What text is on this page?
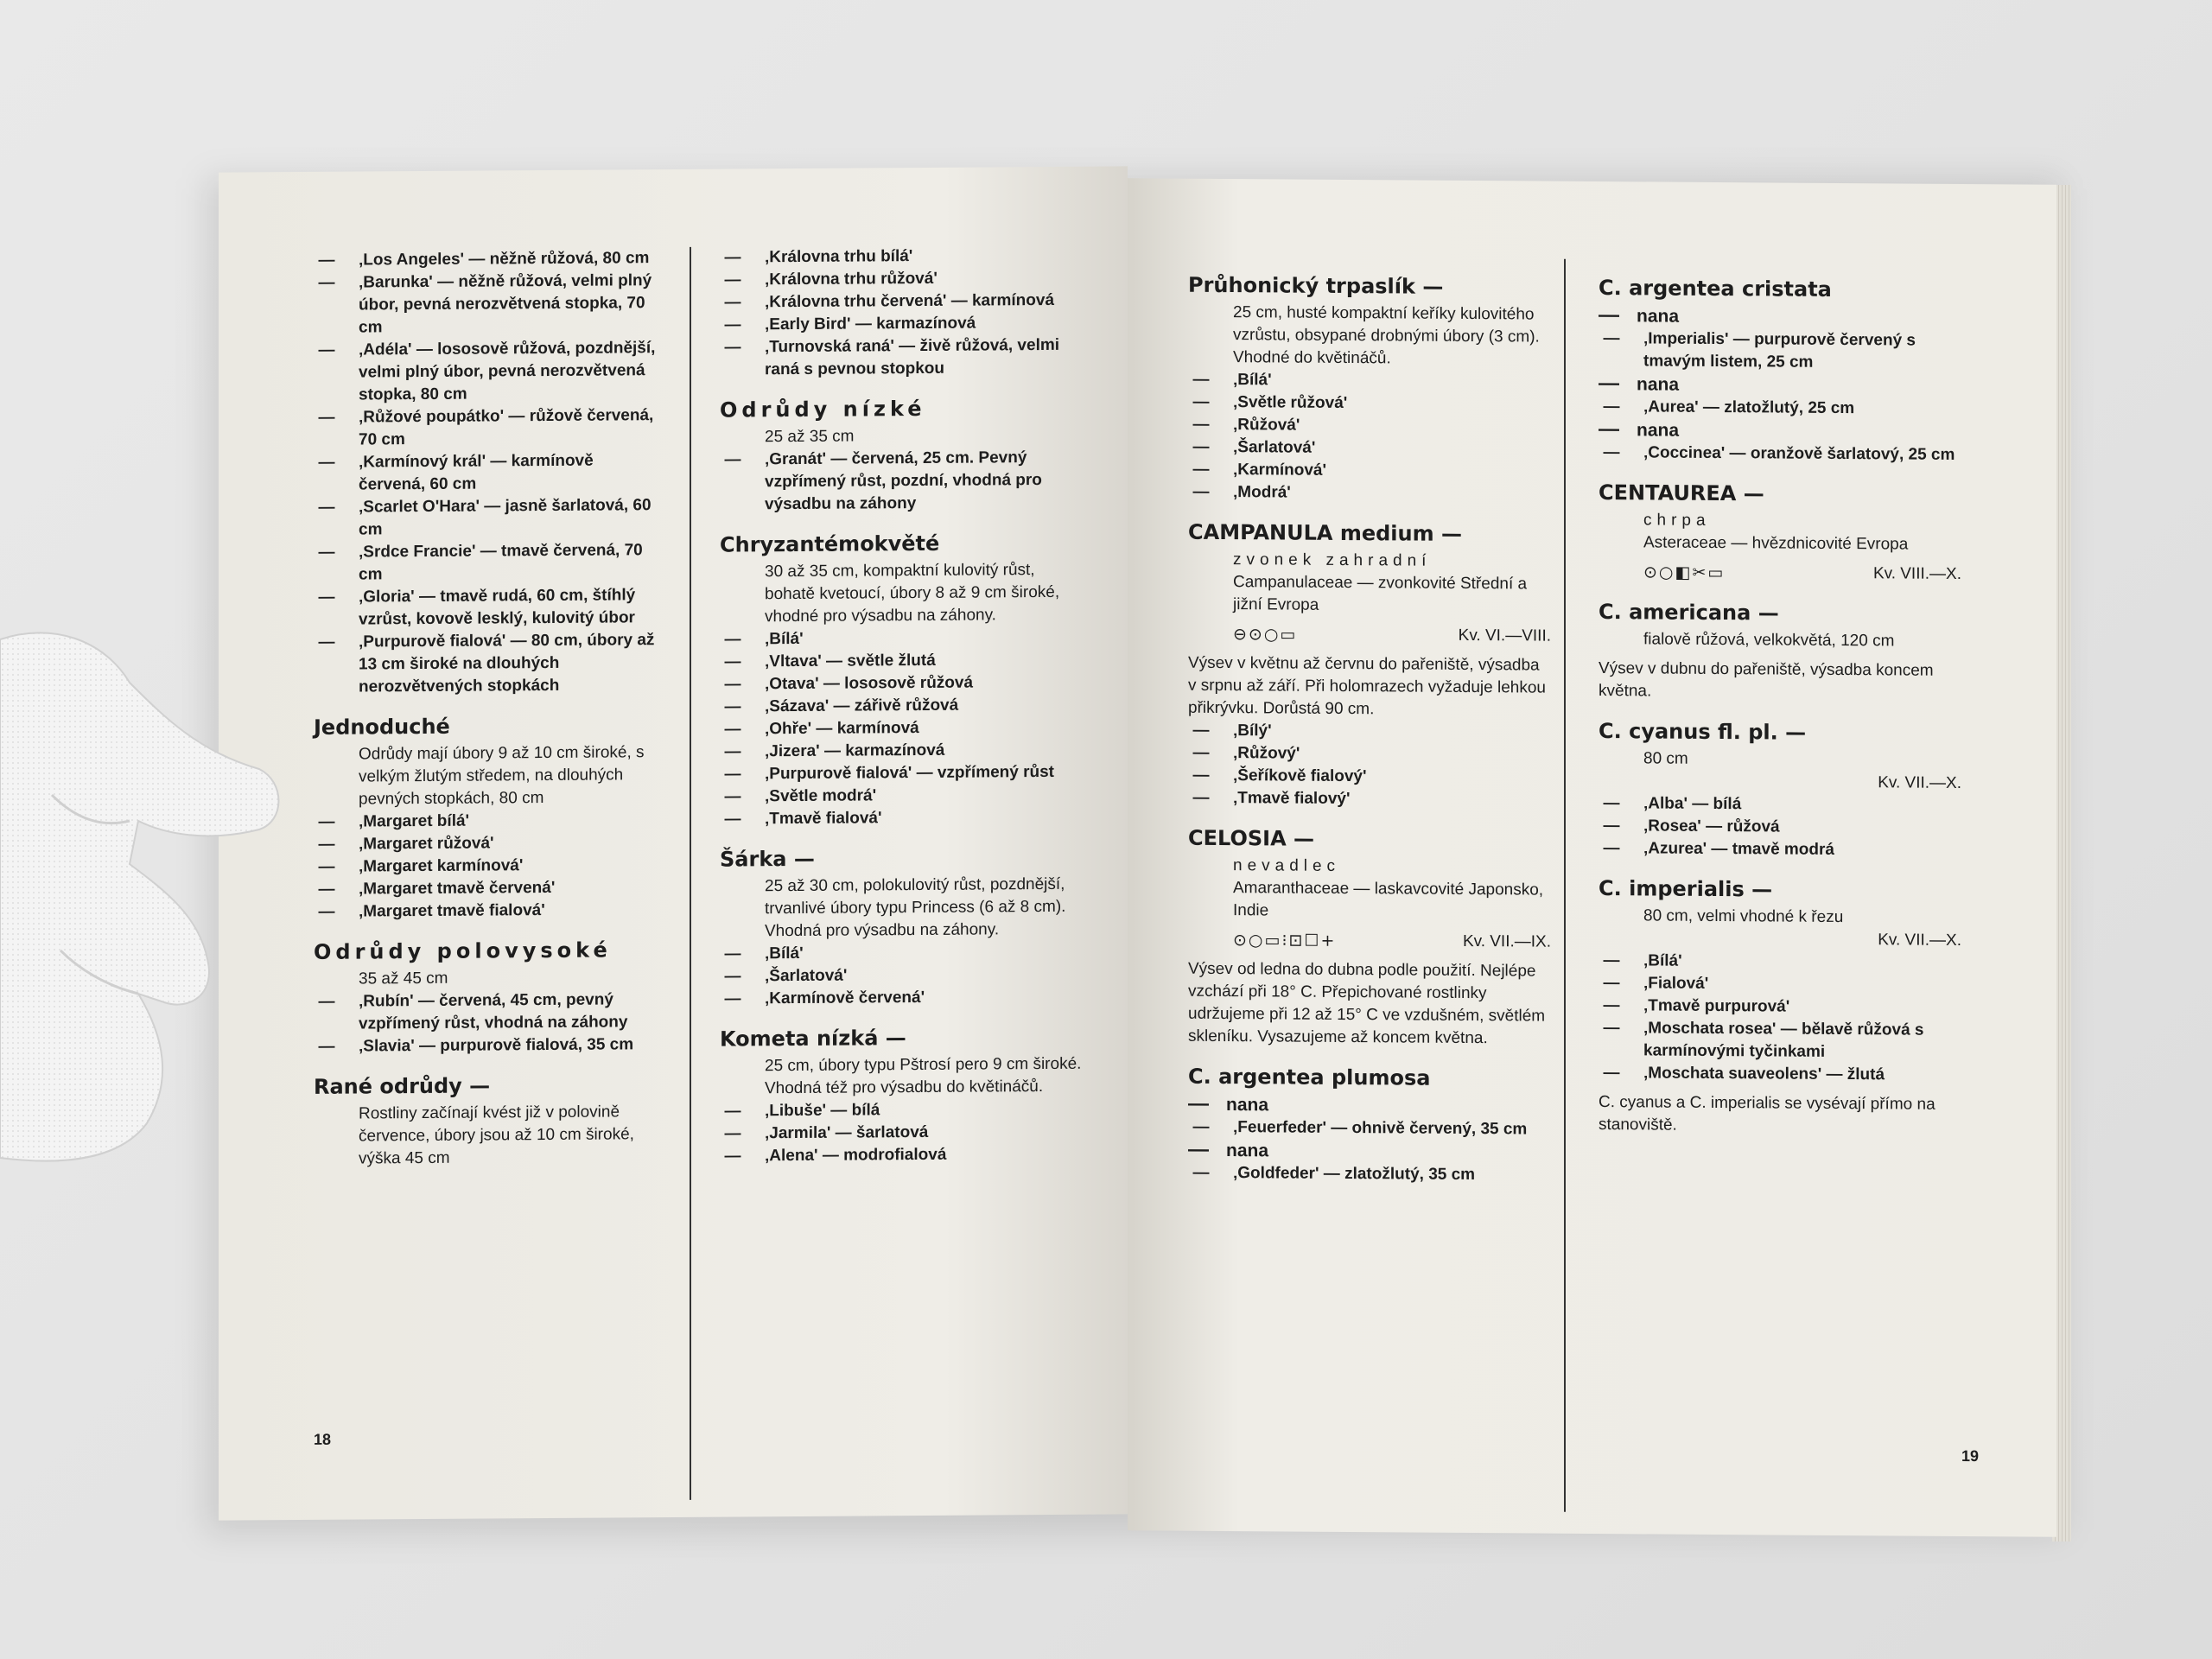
— ‚Los Angeles' — něžně růžová, 80 cm
— ‚Barunka' — něžně růžová, velmi plný úbor, pevná nerozvětvená stopka, 70 cm
— ‚Adéla' — lososově růžová, pozdnější, velmi plný úbor, pevná nerozvětvená stopka, 80 cm
— ‚Růžové poupátko' — růžově červená, 70 cm
— ‚Karmínový král' — karmínově červená, 60 cm
— ‚Scarlet O'Hara' — jasně šarlatová, 60 cm
— ‚Srdce Francie' — tmavě červená, 70 cm
— ‚Gloria' — tmavě rudá, 60 cm, štíhlý vzrůst, kovově lesklý, kulovitý úbor
— ‚Purpurově fialová' — 80 cm, úbory až 13 cm široké na dlouhých nerozvětvených stopkách
Jednoduché
Odrůdy mají úbory 9 až 10 cm široké, s velkým žlutým středem, na dlouhých pevných stopkách, 80 cm
— ‚Margaret bílá'
— ‚Margaret růžová'
— ‚Margaret karmínová'
— ‚Margaret tmavě červená'
— ‚Margaret tmavě fialová'
Odrůdy polovysoké
35 až 45 cm
— ‚Rubín' — červená, 45 cm, pevný vzpřímený růst, vhodná na záhony
— ‚Slavia' — purpurově fialová, 35 cm
Rané odrůdy —
Rostliny začínají kvést již v polovině července, úbory jsou až 10 cm široké, výška 45 cm
— ‚Královna trhu bílá'
— ‚Královna trhu růžová'
— ‚Královna trhu červená' — karmínová
— ‚Early Bird' — karmazínová
— ‚Turnovská raná' — živě růžová, velmi raná s pevnou stopkou
Odrůdy nízké
25 až 35 cm
— ‚Granát' — červená, 25 cm. Pevný vzpřímený růst, pozdní, vhodná pro výsadbu na záhony
Chryzantémokvěté
30 až 35 cm, kompaktní kulovitý růst, bohatě kvetoucí, úbory 8 až 9 cm široké, vhodné pro výsadbu na záhony.
— ‚Bílá'
— ‚Vltava' — světle žlutá
— ‚Otava' — lososově růžová
— ‚Sázava' — zářivě růžová
— ‚Ohře' — karmínová
— ‚Jizera' — karmazínová
— ‚Purpurově fialová' — vzpřímený růst
— ‚Světle modrá'
— ‚Tmavě fialová'
Šárka —
25 až 30 cm, polokulovitý růst, pozdnější, trvanlivé úbory typu Princess (6 až 8 cm). Vhodná pro výsadbu na záhony.
— ‚Bílá'
— ‚Šarlatová'
— ‚Karmínově červená'
Kometa nízká —
25 cm, úbory typu Pštrosí pero 9 cm široké. Vhodná též pro výsadbu do květináčů.
— ‚Libuše' — bílá
— ‚Jarmila' — šarlatová
— ‚Alena' — modrofialová
18
Průhonický trpaslík —
25 cm, husté kompaktní keříky kulovitého vzrůstu, obsypané drobnými úbory (3 cm). Vhodné do květináčů.
— ‚Bílá'
— ‚Světle růžová'
— ‚Růžová'
— ‚Šarlatová'
— ‚Karmínová'
— ‚Modrá'
CAMPANULA medium —
zvonek zahradní
Campanulaceae — zvonkovité Střední a jižní Evropa
⊖⊙○▭	Kv. VI.—VIII.
Výsev v květnu až červnu do pařeniště, výsadba v srpnu až září. Při holomrazech vyžaduje lehkou přikrývku. Dorůstá 90 cm.
— ‚Bílý'
— ‚Růžový'
— ‚Šeříkově fialový'
— ‚Tmavě fialový'
CELOSIA —
nevadlec
Amaranthaceae — laskavcovité Japonsko, Indie
⊙○▭⁝⊡☐+	Kv. VII.—IX.
Výsev od ledna do dubna podle použití. Nejlépe vzchází při 18° C. Přepichované rostlinky udržujeme při 12 až 15° C ve vzdušném, světlém skleníku. Vysazujeme až koncem května.
C. argentea plumosa
— nana
— ‚Feuerfeder' — ohnivě červený, 35 cm
— nana
— ‚Goldfeder' — zlatožlutý, 35 cm
C. argentea cristata
— nana
— ‚Imperialis' — purpurově červený s tmavým listem, 25 cm
— nana
— ‚Aurea' — zlatožlutý, 25 cm
— nana
— ‚Coccinea' — oranžově šarlatový, 25 cm
CENTAUREA —
chrpa
Asteraceae — hvězdnicovité Evropa
⊙○◧✂▭	Kv. VIII.—X.
C. americana —
fialově růžová, velkokvětá, 120 cm
Výsev v dubnu do pařeniště, výsadba koncem května.
C. cyanus fl. pl. —
80 cm
Kv. VII.—X.
— ‚Alba' — bílá
— ‚Rosea' — růžová
— ‚Azurea' — tmavě modrá
C. imperialis —
80 cm, velmi vhodné k řezu
Kv. VII.—X.
— ‚Bílá'
— ‚Fialová'
— ‚Tmavě purpurová'
— ‚Moschata rosea' — bělavě růžová s karmínovými tyčinkami
— ‚Moschata suaveolens' — žlutá
C. cyanus a C. imperialis se vysévají přímo na stanoviště.
19
